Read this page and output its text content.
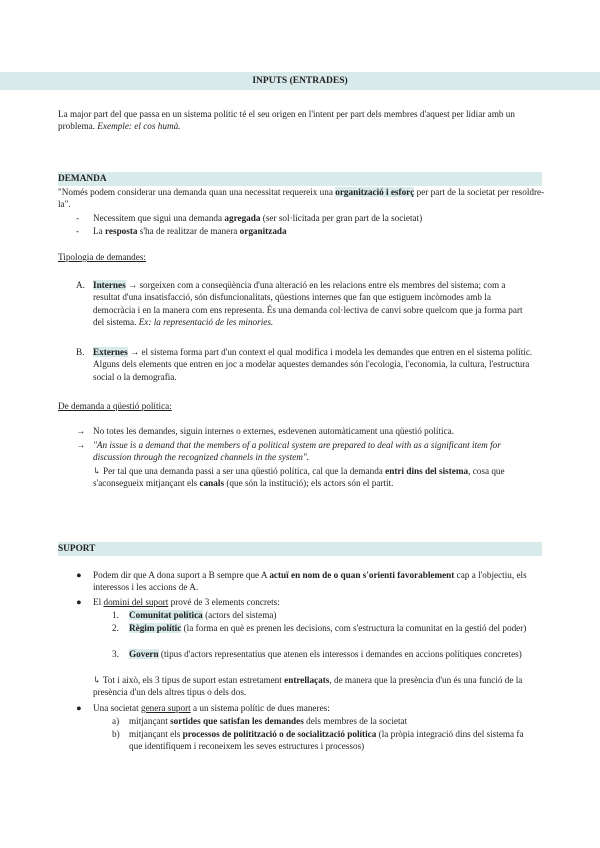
INPUTS (ENTRADES)
La major part del que passa en un sistema polític té el seu origen en l'intent per part dels membres d'aquest per lidiar amb un problema. Exemple: el cos humà.
DEMANDA
"Només podem considerar una demanda quan una necessitat requereix una organització i esforç per part de la societat per resoldre-la".
- Necessitem que sigui una demanda agregada (ser sol·licitada per gran part de la societat)
- La resposta s'ha de realitzar de manera organitzada
Tipologia de demandes:
A. Internes → sorgeixen com a conseqüència d'una alteració en les relacions entre els membres del sistema; com a resultat d'una insatisfacció, són disfuncionalitats, qüestions internes que fan que estiguem incòmodes amb la democràcia i en la manera com ens representa. És una demanda col·lectiva de canvi sobre quelcom que ja forma part del sistema. Ex: la representació de les minories.
B. Externes → el sistema forma part d'un context el qual modifica i modela les demandes que entren en el sistema polític. Alguns dels elements que entren en joc a modelar aquestes demandes són l'ecologia, l'economia, la cultura, l'estructura social o la demografia.
De demanda a qüestió política:
→ No totes les demandes, siguin internes o externes, esdevenen automàticament una qüestió política.
→ "An issue is a demand that the members of a political system are prepared to deal with as a significant item for discussion through the recognized channels in the system".
↳ Per tal que una demanda passi a ser una qüestió política, cal que la demanda entri dins del sistema, cosa que s'aconsegueix mitjançant els canals (que són la institució); els actors són el partit.
SUPORT
● Podem dir que A dona suport a B sempre que A actuï en nom de o quan s'orienti favorablement cap a l'objectiu, els interessos i les accions de A.
● El domini del suport prové de 3 elements concrets:
1. Comunitat política (actors del sistema)
2. Règim polític (la forma en què es prenen les decisions, com s'estructura la comunitat en la gestió del poder)
3. Govern (tipus d'actors representatius que atenen els interessos i demandes en accions polítiques concretes)
↳ Tot i això, els 3 tipus de suport estan estretament entrellaçats, de manera que la presència d'un és una funció de la presència d'un dels altres tipus o dels dos.
● Una societat genera suport a un sistema polític de dues maneres:
a) mitjançant sortides que satisfan les demandes dels membres de la societat
b) mitjançant els processos de politització o de socialització política (la pròpia integració dins del sistema fa que identifiquem i reconeixem les seves estructures i processos)
